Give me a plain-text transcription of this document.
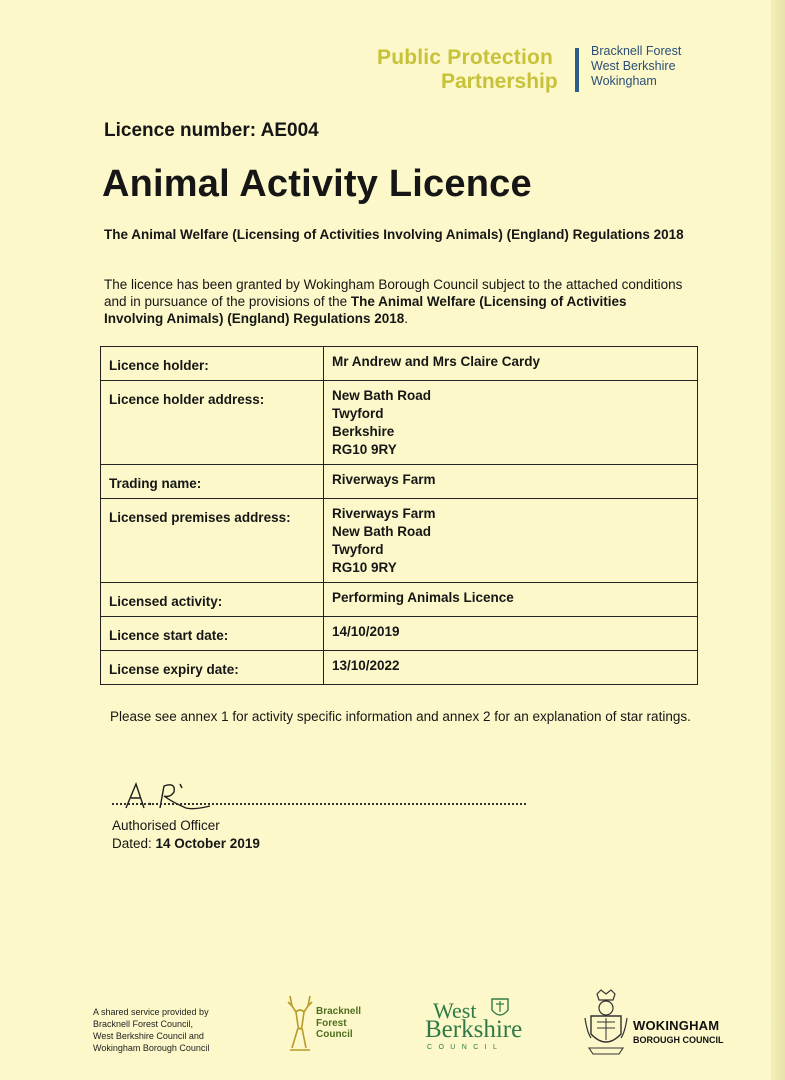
Public Protection
Partnership
Bracknell Forest
West Berkshire
Wokingham
Licence number: AE004
Animal Activity Licence
The Animal Welfare (Licensing of Activities Involving Animals) (England) Regulations 2018
The licence has been granted by Wokingham Borough Council subject to the attached conditions and in pursuance of the provisions of the The Animal Welfare (Licensing of Activities Involving Animals) (England) Regulations 2018.
Licence holder:	Mr Andrew and Mrs Claire Cardy

Licence holder address:	New Bath Road
Twyford
Berkshire
RG10 9RY

Trading name:	Riverways Farm

Licensed premises address:	Riverways Farm
New Bath Road
Twyford
RG10 9RY

Licensed activity:	Performing Animals Licence

Licence start date:	14/10/2019

License expiry date:	13/10/2022
Please see annex 1 for activity specific information and annex 2 for an explanation of star ratings.
Authorised Officer
Dated: 14 October 2019
A shared service provided by
Bracknell Forest Council,
West Berkshire Council and
Wokingham Borough Council
Bracknell
Forest
Council
West
Berkshire
COUNCIL
WOKINGHAM
BOROUGH COUNCIL
